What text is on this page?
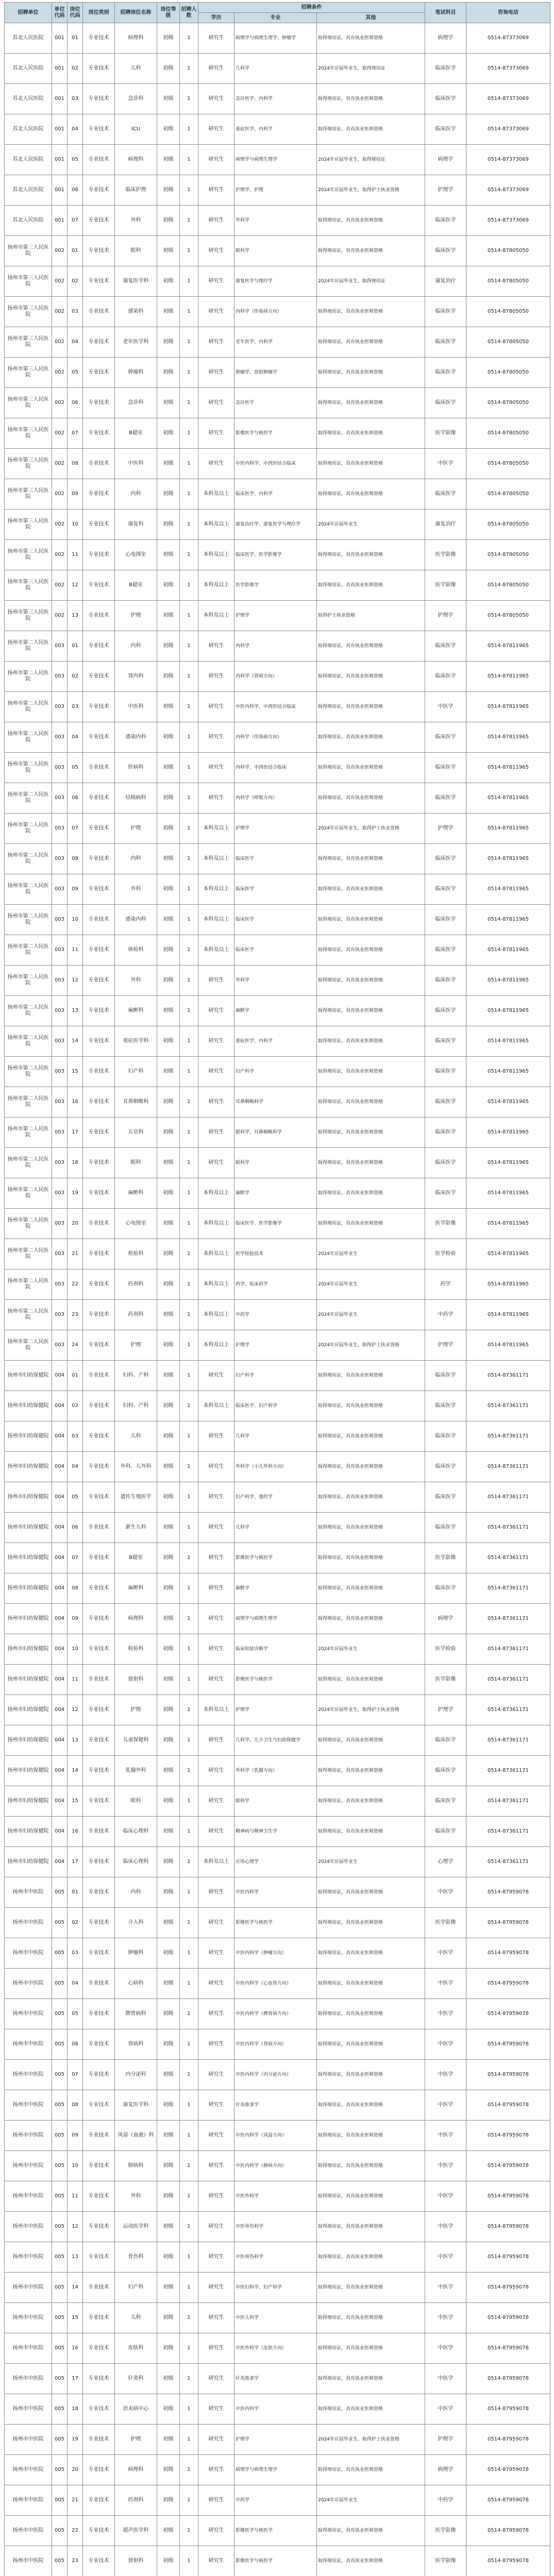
招聘单位	单位代码	岗位代码	岗位类别	招聘岗位名称	岗位等级	招聘人数	招聘条件			笔试科目	咨询电话
							学历	专业	其他		
苏北人民医院	001	01	专业技术	病理科	初级	1	研究生	病理学与病理生理学、肿瘤学	取得规培证，具有执业医师资格	病理学	0514-87373069
苏北人民医院	001	02	专业技术	儿科	初级	1	研究生	儿科学	2024年应届毕业生，取得规培证	临床医学	0514-87373069
苏北人民医院	001	03	专业技术	急诊科	初级	1	研究生	急诊医学、内科学	取得规培证，具有执业医师资格	临床医学	0514-87373069
苏北人民医院	001	04	专业技术	ICU	初级	1	研究生	重症医学、内科学	取得规培证，具有执业医师资格	临床医学	0514-87373069
苏北人民医院	001	05	专业技术	病理科	初级	1	研究生	病理学与病理生理学	2024年应届毕业生，取得规培证	病理学	0514-87373069
苏北人民医院	001	06	专业技术	临床护理	初级	1	研究生	护理学、护理	2024年应届毕业生，取得护士执业资格	护理学	0514-87373069
苏北人民医院	001	07	专业技术	外科	初级	1	研究生	外科学	取得规培证，具有执业医师资格	临床医学	0514-87373069
扬州市第三人民医院	002	01	专业技术	眼科	初级	1	研究生	眼科学	取得规培证，具有执业医师资格	临床医学	0514-87805050
扬州市第三人民医院	002	02	专业技术	康复医学科	初级	1	研究生	康复医学与理疗学	2024年应届毕业生，取得规培证	康复治疗	0514-87805050
扬州市第三人民医院	002	03	专业技术	感染科	初级	1	研究生	内科学（传染病方向）	取得规培证，具有执业医师资格	临床医学	0514-87805050
扬州市第三人民医院	002	04	专业技术	老年医学科	初级	1	研究生	老年医学、内科学	取得规培证，具有执业医师资格	临床医学	0514-87805050
扬州市第三人民医院	002	05	专业技术	肿瘤科	初级	1	研究生	肿瘤学、放射肿瘤学	取得规培证，具有执业医师资格	临床医学	0514-87805050
扬州市第三人民医院	002	06	专业技术	急诊科	初级	1	研究生	急诊医学	取得规培证，具有执业医师资格	临床医学	0514-87805050
扬州市第三人民医院	002	07	专业技术	B超室	初级	1	研究生	影像医学与核医学	取得规培证，具有执业医师资格	医学影像	0514-87805050
扬州市第三人民医院	002	08	专业技术	中医科	初级	1	研究生	中医内科学、中西医结合临床	取得规培证，具有执业医师资格	中医学	0514-87805050
扬州市第三人民医院	002	09	专业技术	内科	初级	1	本科及以上	临床医学、内科学	取得规培证，具有执业医师资格	临床医学	0514-87805050
扬州市第三人民医院	002	10	专业技术	康复科	初级	1	本科及以上	康复治疗学、康复医学与理疗学	2024年应届毕业生	康复治疗	0514-87805050
扬州市第三人民医院	002	11	专业技术	心电图室	初级	1	本科及以上	临床医学、医学影像学	取得规培证，具有执业医师资格	医学影像	0514-87805050
扬州市第三人民医院	002	12	专业技术	B超室	初级	1	本科及以上	医学影像学	取得规培证，具有执业医师资格	医学影像	0514-87805050
扬州市第三人民医院	002	13	专业技术	护理	初级	1	本科及以上	护理学	取得护士执业资格	护理学	0514-87805050
扬州市第二人民医院	003	01	专业技术	内科	初级	1	研究生	内科学	取得规培证，具有执业医师资格	临床医学	0514-87811965
扬州市第二人民医院	003	02	专业技术	肾内科	初级	1	研究生	内科学（肾病方向）	取得规培证，具有执业医师资格	临床医学	0514-87811965
扬州市第二人民医院	003	03	专业技术	中医科	初级	1	研究生	中医内科学、中西医结合临床	取得规培证，具有执业医师资格	中医学	0514-87811965
扬州市第二人民医院	003	04	专业技术	感染内科	初级	1	研究生	内科学（传染病方向）	取得规培证，具有执业医师资格	临床医学	0514-87811965
扬州市第二人民医院	003	05	专业技术	肝病科	初级	1	研究生	内科学、中西医结合临床	取得规培证，具有执业医师资格	临床医学	0514-87811965
扬州市第二人民医院	003	06	专业技术	结核病科	初级	1	研究生	内科学（呼吸方向）	取得规培证，具有执业医师资格	临床医学	0514-87811965
扬州市第二人民医院	003	07	专业技术	护理	初级	1	本科及以上	护理学	2024年应届毕业生，取得护士执业资格	护理学	0514-87811965
扬州市第二人民医院	003	08	专业技术	内科	初级	1	本科及以上	临床医学	取得规培证，具有执业医师资格	临床医学	0514-87811965
扬州市第二人民医院	003	09	专业技术	外科	初级	1	本科及以上	临床医学	取得规培证，具有执业医师资格	临床医学	0514-87811965
扬州市第二人民医院	003	10	专业技术	感染内科	初级	1	本科及以上	临床医学	取得规培证，具有执业医师资格	临床医学	0514-87811965
扬州市第二人民医院	003	11	专业技术	体检科	初级	1	本科及以上	临床医学	取得规培证，具有执业医师资格	临床医学	0514-87811965
扬州市第二人民医院	003	12	专业技术	外科	初级	1	研究生	外科学	取得规培证，具有执业医师资格	临床医学	0514-87811965
扬州市第二人民医院	003	13	专业技术	麻醉科	初级	1	研究生	麻醉学	取得规培证，具有执业医师资格	临床医学	0514-87811965
扬州市第二人民医院	003	14	专业技术	重症医学科	初级	1	研究生	重症医学、内科学	取得规培证，具有执业医师资格	临床医学	0514-87811965
扬州市第二人民医院	003	15	专业技术	妇产科	初级	1	研究生	妇产科学	取得规培证，具有执业医师资格	临床医学	0514-87811965
扬州市第二人民医院	003	16	专业技术	耳鼻咽喉科	初级	1	研究生	耳鼻咽喉科学	取得规培证，具有执业医师资格	临床医学	0514-87811965
扬州市第二人民医院	003	17	专业技术	五官科	初级	1	研究生	眼科学、耳鼻咽喉科学	取得规培证，具有执业医师资格	临床医学	0514-87811965
扬州市第二人民医院	003	18	专业技术	眼科	初级	1	研究生	眼科学	取得规培证，具有执业医师资格	临床医学	0514-87811965
扬州市第二人民医院	003	19	专业技术	麻醉科	初级	1	本科及以上	麻醉学	取得规培证，具有执业医师资格	临床医学	0514-87811965
扬州市第二人民医院	003	20	专业技术	心电图室	初级	1	本科及以上	临床医学、医学影像学	取得规培证，具有执业医师资格	医学影像	0514-87811965
扬州市第二人民医院	003	21	专业技术	检验科	初级	1	本科及以上	医学检验技术	2024年应届毕业生	医学检验	0514-87811965
扬州市第二人民医院	003	22	专业技术	药剂科	初级	1	本科及以上	药学、临床药学	2024年应届毕业生	药学	0514-87811965
扬州市第二人民医院	003	23	专业技术	药剂科	初级	1	本科及以上	中药学	2024年应届毕业生	中药学	0514-87811965
扬州市第二人民医院	003	24	专业技术	护理	初级	1	本科及以上	护理学	2024年应届毕业生，取得护士执业资格	护理学	0514-87811965
扬州市妇幼保健院	004	01	专业技术	妇科、产科	初级	1	研究生	妇产科学	取得规培证，具有执业医师资格	临床医学	0514-87361171
扬州市妇幼保健院	004	02	专业技术	妇科、产科	初级	1	本科及以上	临床医学、妇产科学	取得规培证，具有执业医师资格	临床医学	0514-87361171
扬州市妇幼保健院	004	03	专业技术	儿科	初级	1	研究生	儿科学	取得规培证，具有执业医师资格	临床医学	0514-87361171
扬州市妇幼保健院	004	04	专业技术	外科、儿外科	初级	1	研究生	外科学（小儿外科方向）	取得规培证，具有执业医师资格	临床医学	0514-87361171
扬州市妇幼保健院	004	05	专业技术	遗传生殖医学	初级	1	研究生	妇产科学、遗传学	取得规培证，具有执业医师资格	临床医学	0514-87361171
扬州市妇幼保健院	004	06	专业技术	新生儿科	初级	1	研究生	儿科学	取得规培证，具有执业医师资格	临床医学	0514-87361171
扬州市妇幼保健院	004	07	专业技术	B超室	初级	1	研究生	影像医学与核医学	取得规培证，具有执业医师资格	医学影像	0514-87361171
扬州市妇幼保健院	004	08	专业技术	麻醉科	初级	1	研究生	麻醉学	取得规培证，具有执业医师资格	临床医学	0514-87361171
扬州市妇幼保健院	004	09	专业技术	病理科	初级	1	研究生	病理学与病理生理学	取得规培证，具有执业医师资格	病理学	0514-87361171
扬州市妇幼保健院	004	10	专业技术	检验科	初级	1	研究生	临床检验诊断学	2024年应届毕业生	医学检验	0514-87361171
扬州市妇幼保健院	004	11	专业技术	放射科	初级	1	研究生	影像医学与核医学	取得规培证，具有执业医师资格	医学影像	0514-87361171
扬州市妇幼保健院	004	12	专业技术	护理	初级	1	本科及以上	护理学	2024年应届毕业生，取得护士执业资格	护理学	0514-87361171
扬州市妇幼保健院	004	13	专业技术	儿童保健科	初级	1	研究生	儿科学、儿少卫生与妇幼保健学	取得规培证，具有执业医师资格	临床医学	0514-87361171
扬州市妇幼保健院	004	14	专业技术	乳腺外科	初级	1	研究生	外科学（乳腺方向）	取得规培证，具有执业医师资格	临床医学	0514-87361171
扬州市妇幼保健院	004	15	专业技术	眼科	初级	1	研究生	眼科学	取得规培证，具有执业医师资格	临床医学	0514-87361171
扬州市妇幼保健院	004	16	专业技术	临床心理科	初级	1	研究生	精神病与精神卫生学	取得规培证，具有执业医师资格	临床医学	0514-87361171
扬州市妇幼保健院	004	17	专业技术	临床心理科	初级	1	本科及以上	应用心理学	2024年应届毕业生	心理学	0514-87361171
扬州市中医院	005	01	专业技术	内科	初级	1	研究生	中医内科学	取得规培证，具有执业医师资格	中医学	0514-87959078
扬州市中医院	005	02	专业技术	介入科	初级	1	研究生	影像医学与核医学	取得规培证，具有执业医师资格	医学影像	0514-87959078
扬州市中医院	005	03	专业技术	肿瘤科	初级	1	研究生	中医内科学（肿瘤方向）	取得规培证，具有执业医师资格	中医学	0514-87959078
扬州市中医院	005	04	专业技术	心病科	初级	1	研究生	中医内科学（心血管方向）	取得规培证，具有执业医师资格	中医学	0514-87959078
扬州市中医院	005	05	专业技术	脾胃病科	初级	1	研究生	中医内科学（脾胃病方向）	取得规培证，具有执业医师资格	中医学	0514-87959078
扬州市中医院	005	06	专业技术	肾病科	初级	1	研究生	中医内科学（肾病方向）	取得规培证，具有执业医师资格	中医学	0514-87959078
扬州市中医院	005	07	专业技术	内分泌科	初级	1	研究生	中医内科学（内分泌方向）	取得规培证，具有执业医师资格	中医学	0514-87959078
扬州市中医院	005	08	专业技术	康复医学科	初级	1	研究生	针灸推拿学	取得规培证，具有执业医师资格	中医学	0514-87959078
扬州市中医院	005	09	专业技术	风湿（血液）科	初级	1	研究生	中医内科学（风湿方向）	取得规培证，具有执业医师资格	中医学	0514-87959078
扬州市中医院	005	10	专业技术	肺病科	初级	1	研究生	中医内科学（肺病方向）	取得规培证，具有执业医师资格	中医学	0514-87959078
扬州市中医院	005	11	专业技术	外科	初级	1	研究生	中医外科学	取得规培证，具有执业医师资格	中医学	0514-87959078
扬州市中医院	005	12	专业技术	运动医学科	初级	1	研究生	中医骨伤科学	取得规培证，具有执业医师资格	中医学	0514-87959078
扬州市中医院	005	13	专业技术	骨伤科	初级	1	研究生	中医骨伤科学	取得规培证，具有执业医师资格	中医学	0514-87959078
扬州市中医院	005	14	专业技术	妇产科	初级	1	研究生	中医妇科学、妇产科学	取得规培证，具有执业医师资格	中医学	0514-87959078
扬州市中医院	005	15	专业技术	儿科	初级	1	研究生	中医儿科学	取得规培证，具有执业医师资格	中医学	0514-87959078
扬州市中医院	005	16	专业技术	皮肤科	初级	1	研究生	中医外科学（皮肤方向）	取得规培证，具有执业医师资格	中医学	0514-87959078
扬州市中医院	005	17	专业技术	针灸科	初级	1	研究生	针灸推拿学	取得规培证，具有执业医师资格	中医学	0514-87959078
扬州市中医院	005	18	专业技术	治未病中心	初级	1	研究生	中医内科学	取得规培证，具有执业医师资格	中医学	0514-87959078
扬州市中医院	005	19	专业技术	护理	初级	1	研究生	护理学	2024年应届毕业生，取得护士执业资格	护理学	0514-87959078
扬州市中医院	005	20	专业技术	病理科	初级	1	研究生	病理学与病理生理学	取得规培证，具有执业医师资格	病理学	0514-87959078
扬州市中医院	005	21	专业技术	药剂科	初级	1	研究生	中药学	2024年应届毕业生	中药学	0514-87959078
扬州市中医院	005	22	专业技术	超声医学科	初级	1	研究生	影像医学与核医学	取得规培证，具有执业医师资格	医学影像	0514-87959078
扬州市中医院	005	23	专业技术	放射科	初级	1	研究生	影像医学与核医学	取得规培证，具有执业医师资格	医学影像	0514-87959078
